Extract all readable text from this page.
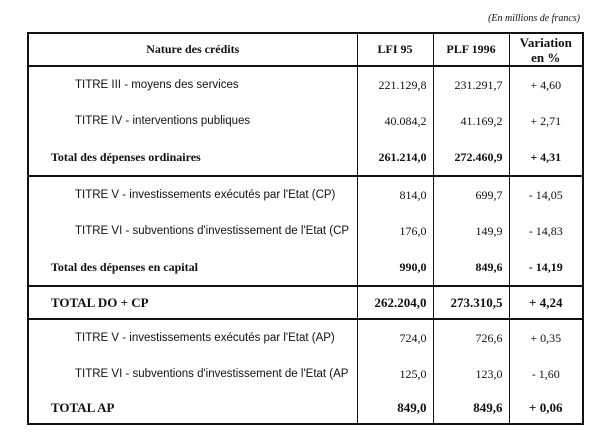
(En millions de francs)
Nature des crédits	LFI 95	PLF 1996	Variation en %
TITRE III - moyens des services	221.129,8	231.291,7	+ 4,60
TITRE IV - interventions publiques	40.084,2	41.169,2	+ 2,71
Total des dépenses ordinaires	261.214,0	272.460,9	+ 4,31
TITRE V - investissements exécutés par l'Etat (CP)	814,0	699,7	- 14,05
TITRE VI - subventions d'investissement de l'Etat (CP	176,0	149,9	- 14,83
Total des dépenses en capital	990,0	849,6	- 14,19
TOTAL DO + CP	262.204,0	273.310,5	+ 4,24
TITRE V - investissements exécutés par l'Etat (AP)	724,0	726,6	+ 0,35
TITRE VI - subventions d'investissement de l'Etat (AP	125,0	123,0	- 1,60
TOTAL AP	849,0	849,6	+ 0,06
